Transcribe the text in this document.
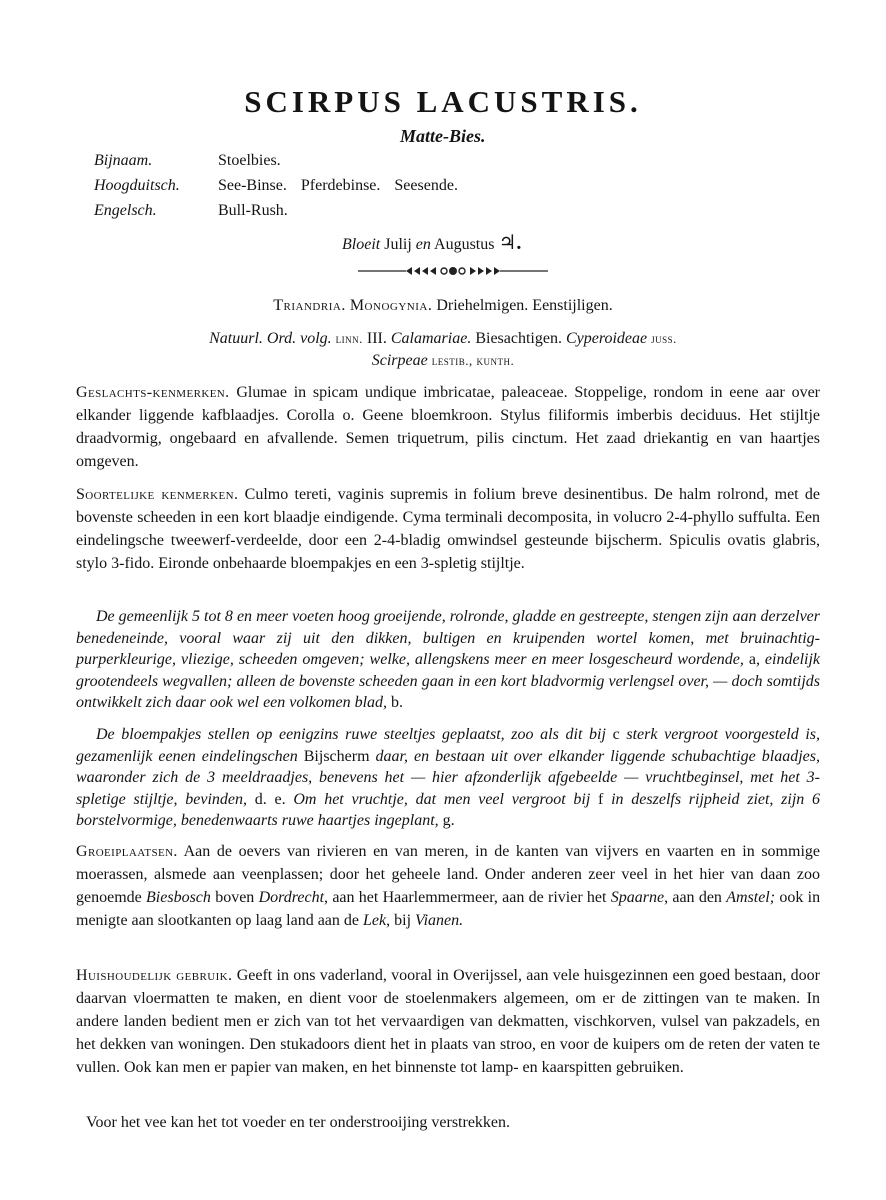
SCIRPUS LACUSTRIS.
Matte-Bies.
Bijnaam.	Stoelbies.
Hoogduitsch.	See-Binse. Pferdebinse. Seesende.
Engelsch.	Bull-Rush.
Bloeit Julij en Augustus ♃.
Triandria. Monogynia. Driehelmigen. Eenstijligen.
Natuurl. Ord. volg. linn. III. Calamariae. Biesachtigen. Cyperoideae juss.
Scirpeae lestib., kunth.

Geslachts-kenmerken. Glumae in spicam undique imbricatae, paleaceae. Stoppelige, rondom in eene aar over elkander liggende kafblaadjes. Corolla o. Geene bloemkroon. Stylus filiformis imberbis deciduus. Het stijltje draadvormig, ongebaard en afvallende. Semen triquetrum, pilis cinctum. Het zaad driekantig en van haartjes omgeven.

Soortelijke kenmerken. Culmo tereti, vaginis supremis in folium breve desinentibus. De halm rolrond, met de bovenste scheeden in een kort blaadje eindigende. Cyma terminali decomposita, in volucro 2-4-phyllo suffulta. Een eindelingsche tweewerf-verdeelde, door een 2-4-bladig omwindsel gesteunde bijscherm. Spiculis ovatis glabris, stylo 3-fido. Eironde onbehaarde bloempakjes en een 3-spletig stijltje.

De gemeenlijk 5 tot 8 en meer voeten hoog groeijende, rolronde, gladde en gestreepte, stengen zijn aan derzelver benedeneinde, vooral waar zij uit den dikken, bultigen en kruipenden wortel komen, met bruinachtig-purperkleurige, vliezige, scheeden omgeven; welke, allengskens meer en meer losgescheurd wordende, a, eindelijk grootendeels wegvallen; alleen de bovenste scheeden gaan in een kort bladvormig verlengsel over, — doch somtijds ontwikkelt zich daar ook wel een volkomen blad, b.

De bloempakjes stellen op eenigzins ruwe steeltjes geplaatst, zoo als dit bij c sterk vergroot voorgesteld is, gezamenlijk eenen eindelingschen Bijscherm daar, en bestaan uit over elkander liggende schubachtige blaadjes, waaronder zich de 3 meeldraadjes, benevens het — hier afzonderlijk afgebeelde — vruchtbeginsel, met het 3-spletige stijltje, bevinden, d. e. Om het vruchtje, dat men veel vergroot bij f in deszelfs rijpheid ziet, zijn 6 borstelvormige, benedenwaarts ruwe haartjes ingeplant, g.

Groeiplaatsen. Aan de oevers van rivieren en van meren, in de kanten van vijvers en vaarten en in sommige moerassen, alsmede aan veenplassen; door het geheele land. Onder anderen zeer veel in het hier van daan zoo genoemde Biesbosch boven Dordrecht, aan het Haarlemmermeer, aan de rivier het Spaarne, aan den Amstel; ook in menigte aan slootkanten op laag land aan de Lek, bij Vianen.

Huishoudelijk gebruik. Geeft in ons vaderland, vooral in Overijssel, aan vele huisgezinnen een goed bestaan, door daarvan vloermatten te maken, en dient voor de stoelenmakers algemeen, om er de zittingen van te maken. In andere landen bedient men er zich van tot het vervaardigen van dekmatten, vischkorven, vulsel van pakzadels, en het dekken van woningen. Den stukadoors dient het in plaats van stroo, en voor de kuipers om de reten der vaten te vullen. Ook kan men er papier van maken, en het binnenste tot lamp- en kaarspitten gebruiken.

Voor het vee kan het tot voeder en ter onderstrooijing verstrekken.
